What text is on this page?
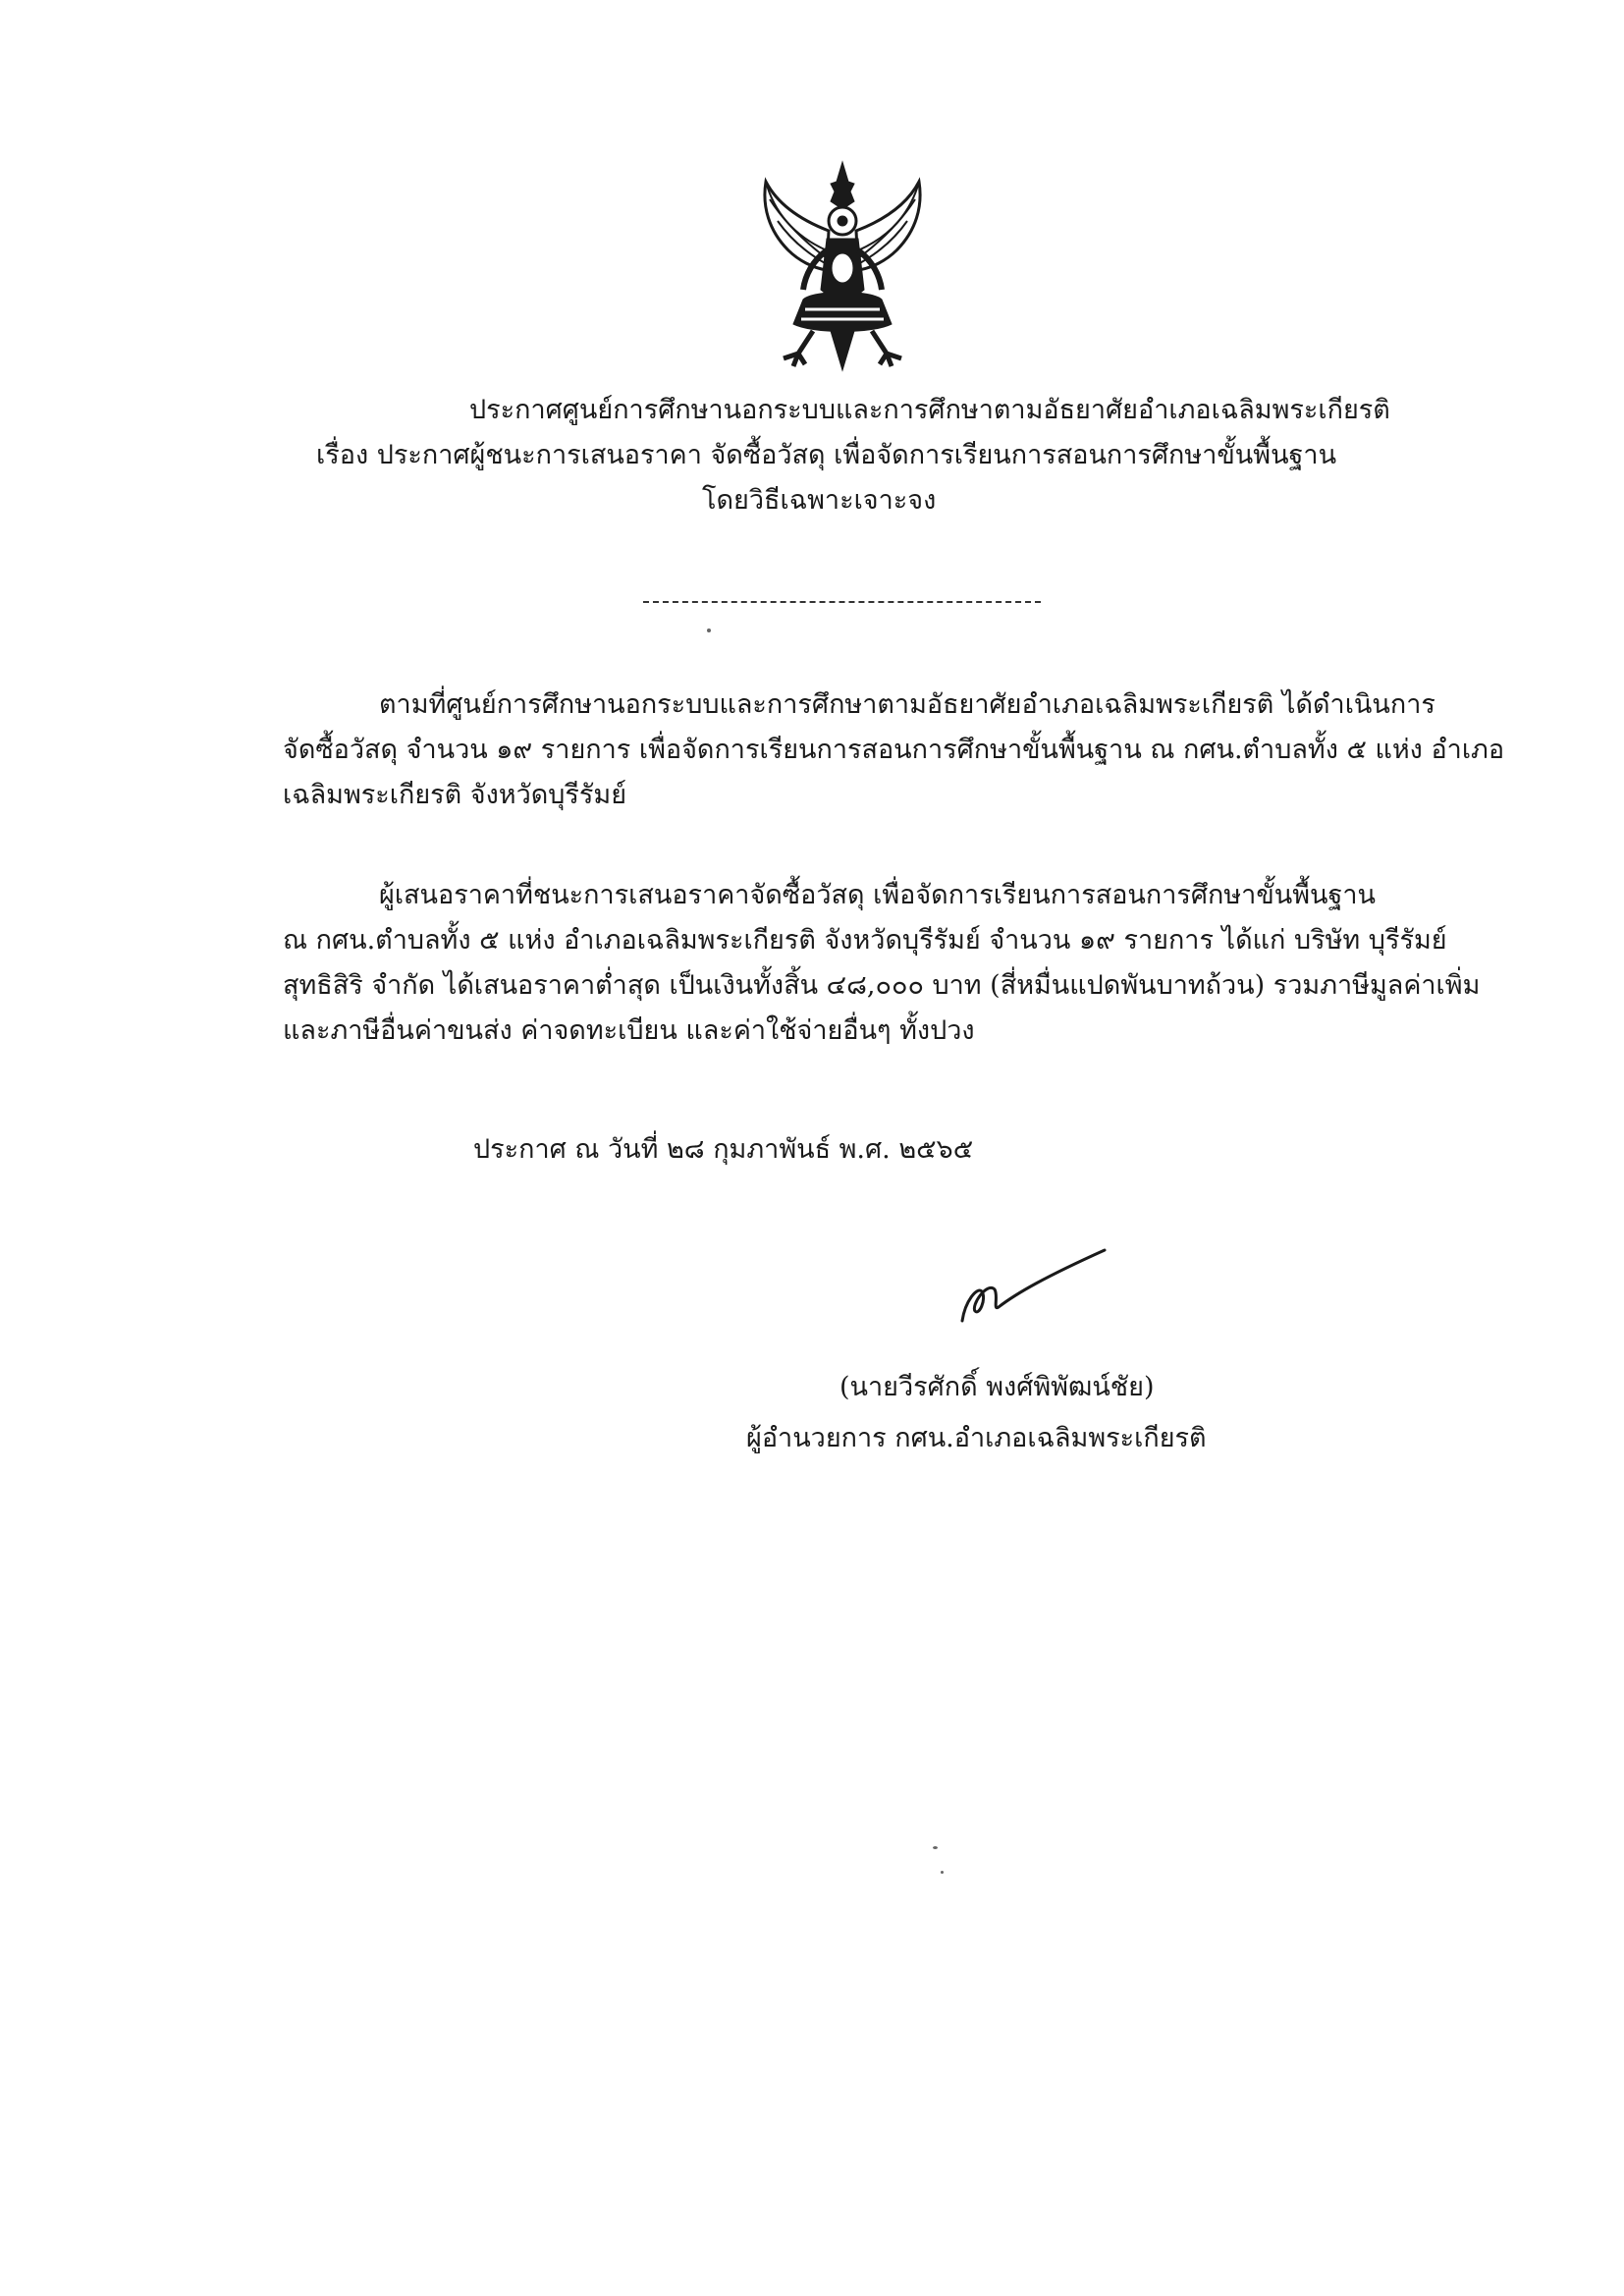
ประกาศศูนย์การศึกษานอกระบบและการศึกษาตามอัธยาศัยอำเภอเฉลิมพระเกียรติ
เรื่อง ประกาศผู้ชนะการเสนอราคา จัดซื้อวัสดุ เพื่อจัดการเรียนการสอนการศึกษาขั้นพื้นฐาน
โดยวิธีเฉพาะเจาะจง
ตามที่ศูนย์การศึกษานอกระบบและการศึกษาตามอัธยาศัยอำเภอเฉลิมพระเกียรติ ได้ดำเนินการ
จัดซื้อวัสดุ จำนวน ๑๙ รายการ เพื่อจัดการเรียนการสอนการศึกษาขั้นพื้นฐาน ณ กศน.ตำบลทั้ง ๕ แห่ง อำเภอ
เฉลิมพระเกียรติ จังหวัดบุรีรัมย์
ผู้เสนอราคาที่ชนะการเสนอราคาจัดซื้อวัสดุ เพื่อจัดการเรียนการสอนการศึกษาขั้นพื้นฐาน
ณ กศน.ตำบลทั้ง ๕ แห่ง อำเภอเฉลิมพระเกียรติ จังหวัดบุรีรัมย์ จำนวน ๑๙ รายการ ได้แก่ บริษัท บุรีรัมย์
สุทธิสิริ จำกัด ได้เสนอราคาต่ำสุด เป็นเงินทั้งสิ้น ๔๘,๐๐๐ บาท (สี่หมื่นแปดพันบาทถ้วน) รวมภาษีมูลค่าเพิ่ม
และภาษีอื่นค่าขนส่ง ค่าจดทะเบียน และค่าใช้จ่ายอื่นๆ ทั้งปวง
ประกาศ ณ วันที่ ๒๘ กุมภาพันธ์ พ.ศ. ๒๕๖๕
(นายวีรศักดิ์ พงศ์พิพัฒน์ชัย)
ผู้อำนวยการ กศน.อำเภอเฉลิมพระเกียรติ
